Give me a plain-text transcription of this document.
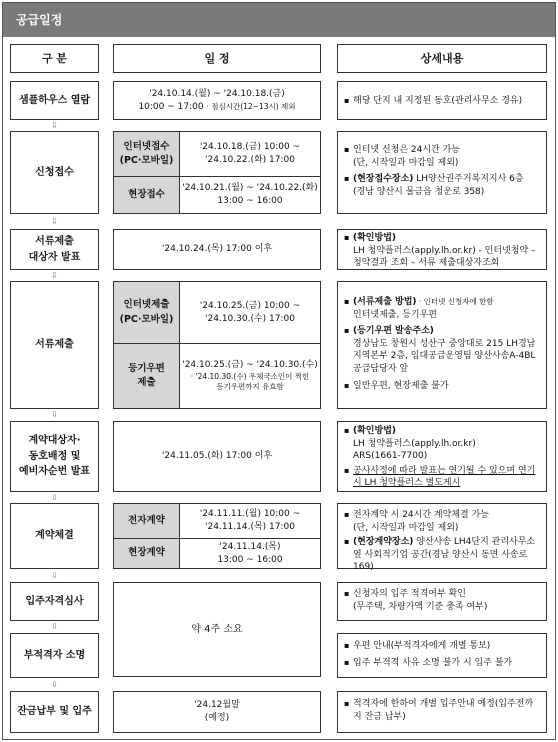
공급일정
구 분	일 정	상세내용
샘플하우스 열람
'24.10.14.(월) ~ '24.10.18.(금)
10:00 ~ 17:00 · 점심시간(12~13시) 제외
▪ 해당 단지 내 지정된 동호(관리사무소 경유)
신청접수
인터넷접수
(PC·모바일)
'24.10.18.(금) 10:00 ~
'24.10.22.(화) 17:00
현장접수
'24.10.21.(월) ~ '24.10.22.(화)
13:00 ~ 16:00
▪ 인터넷 신청은 24시간 가능
(단, 시작일과 마감일 제외)
▪ (현장접수장소) LH양산권주거복지지사 6층
(경남 양산시 물금읍 청운로 358)
서류제출
대상자 발표
'24.10.24.(목) 17:00 이후
▪ (확인방법)
LH 청약플러스(apply.lh.or.kr) - 인터넷청약 – 청약결과 조회 – 서류 제출대상자조회
서류제출
인터넷제출
(PC·모바일)
'24.10.25.(금) 10:00 ~
'24.10.30.(수) 17:00
등기우편
제출
'24.10.25.(금) ~ '24.10.30.(수)
· '24.10.30.(수) 우체국소인이 찍힌
등기우편까지 유효함
▪ (서류제출 방법) · 인터넷 신청자에 한함
인터넷제출, 등기우편
▪ (등기우편 발송주소)
경상남도 창원시 성산구 중앙대로 215 LH경남지역본부 2층, 임대공급운영팀 양산사송A-4BL 공급담당자 앞
▪ 일반우편, 현장제출 불가
계약대상자·
동호배정 및
예비자순번 발표
'24.11.05.(화) 17:00 이후
▪ (확인방법)
LH 청약플러스(apply.lh.or.kr)
ARS(1661-7700)
▪ 공사사정에 따라 발표는 연기될 수 있으며 연기 시 LH 청약플러스 별도게시
계약체결
전자계약
'24.11.11.(월) 10:00 ~
'24.11.14.(목) 17:00
현장계약
'24.11.14.(목)
13:00 ~ 16:00
▪ 전자계약 시 24시간 계약체결 가능
(단, 시작일과 마감일 제외)
▪ (현장계약장소) 양산사송 LH4단지 관리사무소 옆 사회적기업 공간(경남 양산시 동면 사송로 169)
입주자격심사
약 4주 소요
▪ 신청자의 입주 적격여부 확인
(무주택, 차량가액 기준 충족 여부)
부적격자 소명
▪ 우편 안내(부적격자에게 개별 통보)
▪ 입주 부적격 사유 소명 불가 시 입주 불가
잔금납부 및 입주
'24.12월말
(예정)
▪ 적격자에 한하여 개별 입주안내 예정(입주전까지 잔금 납부)
⇩
⇩
⇩
⇩
⇩
⇩
⇩
⇩
